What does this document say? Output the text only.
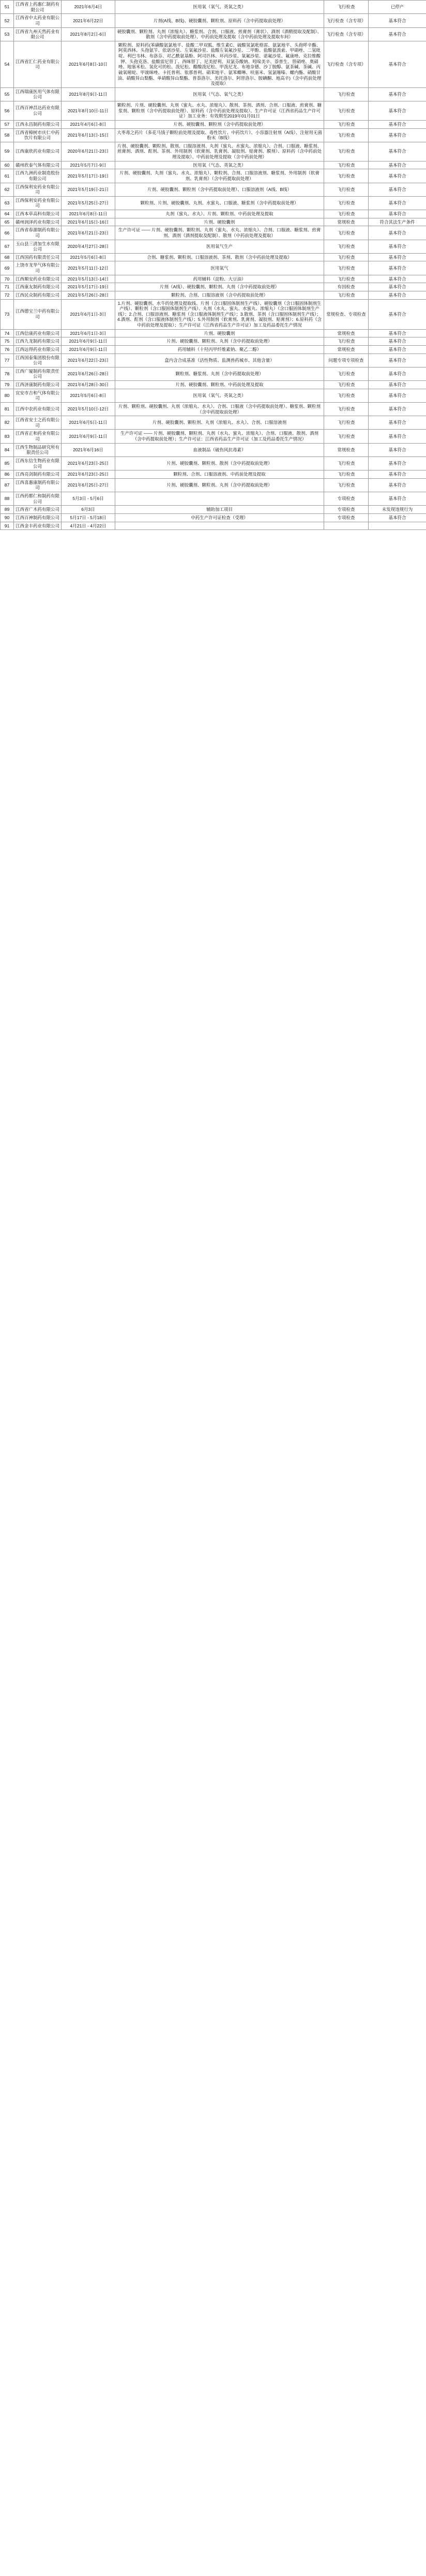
51	江西省上药惠仁制药有限公司	2021年6月4日	医用氧（氧气、英氧之类）	飞行检查	已停产
52	江西省中太药业有限公司	2021年6月22日	片剂(A线、B线)、硬胶囊剂、颗粒剂、原料药（含中药提取前处理）	飞行检查（含专项）	基本符合
53	江西省九州天然药业有限公司	2021年8月2日-6日	硬胶囊剂、颗粒剂、丸剂（浓缩丸）、糖浆剂、合剂、口服液、煎膏剂（膏状）、酒剂（酒精提取及配制）、散剂（含中药提取前处理）、中药前处理及提取（含中药前处理及提取车间）	飞行检查（含专项）	基本符合
54	江西省汇仁药业有限公司	2021年6月8日-10日	颗粒剂、原料药(苯磺酸氨氯地平、盐酸二甲双胍、维生素C、硫酸氢氯吡格雷、氨氯地平、头孢呼辛酯、阿莫西林、头孢氨苄、依诺沙星、左氧氟沙星、盐酸左氧氟沙星、二甲酚、盐酸氨溴索、甲硝唑、二氢吡啶、利巴韦林、布洛芬、对乙酰氨基酚、阿司匹林、环丙沙星、氧氟沙星、诺氟沙星、氟康唑、克拉维酸钾、头孢克洛、盐酸雷尼替丁、西咪替丁、尼美舒利、双氯芬酸钠、吲哚美辛、萘普生、替硝唑、奥硝唑、地塞米松、氢化可的松、泼尼松、醋酸泼尼松、甲泼尼龙、布地奈德、沙丁胺醇、氨茶碱、茶碱、丙硫氧嘧啶、甲巯咪唑、卡托普利、依那普利、硝苯地平、氨苯蝶啉、呋塞米、氢氯噻嗪、螺内酯、硝酸甘油、硝酸异山梨酯、单硝酸异山梨酯、普萘洛尔、美托洛尔、阿替洛尔、胺碘酮、地高辛)（含中药前处理及提取）	飞行检查（含专项）	基本符合
55	江西瑞康医用气体有限公司	2021年8月9日-11日	医用氧（气态、氧气之类）	飞行检查	基本符合
56	江西百神昌达药业有限公司	2021年8月10日-11日	颗粒剂、片剂、硬胶囊剂、丸剂（蜜丸、水丸、浓缩丸）、散剂、茶剂、酒剂、合剂、口服液、煎膏剂、糖浆剂、颗粒剂（含中药提取前处理）、原料药（含中药前处理及提取）、生产许可证（江西省药品生产许可证）加工业务：有效期至2019年01月01日	飞行检查	基本符合
57	江西永昌制药有限公司	2021年4月6日-8日	片剂、硬胶囊剂、颗粒剂（含中药提取前处理）	飞行检查	基本符合
58	江西省樟树市庆仁中药饮片有限公司	2021年6月13日-15日	大枣毒之药片（多花马钱子颗粒前处理及提取、毒性饮片、中药饮片）、小容器注射剂（A线）、注射用无菌粉末（B线）	飞行检查	基本符合
59	江西康欣药业有限公司	2020年6月21日-23日	片剂、硬胶囊剂、颗粒剂、散剂、口服溶液剂、丸剂（蜜丸、水蜜丸、浓缩丸）、合剂、口服液、糖浆剂、煎膏剂、酒剂、酊剂、茶剂、外用制剂（软膏剂、乳膏剂、凝胶剂、贴膏剂、膜剂）、原料药（含中药前处理及提取）、中药前处理及提取（含中药前处理）	飞行检查	基本符合
60	赣州欣泰气体有限公司	2021年5月7日-9日	医用氧（气态、英氧之类）	飞行检查	基本符合
61	江西九洲药业制造股份有限公司	2021年5月17日-19日	片剂、硬胶囊剂、丸剂（蜜丸、水丸、浓缩丸）、颗粒剂、合剂、口服溶液剂、糖浆剂、外用制剂（软膏剂、乳膏剂）（含中药提取前处理）	飞行检查	基本符合
62	江西保利安药业有限公司	2021年5月19日-21日	片剂、硬胶囊剂、颗粒剂（含中药提取前处理）、口服溶液剂（A线、B线）	飞行检查	基本符合
63	江西保利安药业有限公司	2021年5月25日-27日	颗粒剂、片剂、硬胶囊剂、丸剂、水蜜丸、口服液、糖浆剂（含中药提取前处理）	飞行检查	基本符合
64	江西本草高科有限公司	2021年6月8日-11日	丸剂（蜜丸、水丸）、片剂、颗粒剂、中药前处理及提取	飞行检查	基本符合
65	赣州润泽药业有限公司	2021年6月15日-16日	片剂、硬胶囊剂	常规检查	符合其法生产条件
66	江西省春源制药有限公司	2021年6月21日-23日	生产许可证 —— 片剂、硬胶囊剂、颗粒剂、丸剂（蜜丸、水丸、浓缩丸）、合剂、口服液、糖浆剂、煎膏剂、酒剂（酒剂提取及配制）、散剂（中药前处理及提取）	飞行检查	基本符合
67	玉山县三清加生水有限公司	2020年4月27日-28日	医用氧气生产	飞行检查	基本符合
68	江西国药有限责任公司	2021年5月6日-8日	合剂、糖浆剂、颗粒剂、口服溶液剂、茶剂、散剂（含中药前处理及提取）	飞行检查	基本符合
69	上饶市龙华气体有限公司	2021年5月11日-12日	医用氧气	飞行检查	基本符合
70	江西顺安药业有限公司	2021年5月13日-14日	药用辅料（淀粉、大豆油）	飞行检查	基本符合
71	江西康友制药有限公司	2021年5月17日-19日	片剂（A线）、硬胶囊剂、颗粒剂、丸剂（含中药提取前处理）	有因检查	基本符合
72	江西民众制药有限公司	2021年5月26日-28日	颗粒剂、合剂、口服溶液剂（含中药提取前处理）	飞行检查	基本符合
73	江西德宝兰中药有限公司	2021年6月1日-3日	1.片剂、硬胶囊剂、水牛的处理及提取线、片剂（含口服固体制剂生产线）、硬胶囊剂（含口服固体制剂生产线）、颗粒剂（含口服固体制剂生产线）、丸剂（水丸、蜜丸、水蜜丸、浓缩丸）（含口服固体制剂生产线）；2.合剂、口服溶液剂、糖浆剂（含口服液体制剂生产线）；3.散剂、茶剂（含口服固体制剂生产线）；4.酒剂、酊剂（含口服液体制剂生产线）；5.外用制剂（软膏剂、乳膏剂、凝胶剂、贴膏剂）；6.原料药（含中药前处理及提取）；生产许可证（江西省药品生产许可证）加工及药品委托生产情况	常规检查、专项检查	基本符合
74	江西信康药业有限公司	2021年6月1日-3日	片剂、硬胶囊剂	常规检查	基本符合
75	江西九龙制药有限公司	2021年6月9日-11日	片剂、硬胶囊剂、颗粒剂、丸剂（含中药提取前处理）	飞行检查	基本符合
76	江西远得药业有限公司	2021年6月9日-11日	药用辅料（十羟丙甲纤维素钠、聚乙二醇）	常规检查	基本符合
77	江西国泰集团股份有限公司	2021年6月22日-23日	盒内含合成基准（活性物质、监测兽药城市、其他含量）	问题专项专项检查	基本符合
78	江西广厦制药有限责任公司	2021年6月26日-28日	颗粒剂、糖浆剂、丸剂（含中药提取前处理）	飞行检查	基本符合
79	江西济康制药有限公司	2021年6月28日-30日	片剂、硬胶囊剂、颗粒剂、中药前处理及提取	飞行检查	基本符合
80	宜安市吉和气体有限公司	2021年5月6日-8日	医用氧（氧气、英氧之类）	飞行检查	基本符合
81	江西中农药业有限公司	2021年5月10日-12日	片剂、颗粒剂、硬胶囊剂、丸剂（浓缩丸、水丸）、合剂、口服液（含中药提取前处理）、糖浆剂、颗粒剂（含中药提取前处理）	飞行检查	基本符合
82	江西省安士之药有限公司	2021年6月5日-11日	片剂、硬胶囊剂、颗粒剂、丸剂（浓缩丸、水丸）、合剂、口服溶液剂	飞行检查	基本符合
83	江西省正和药业有限公司	2021年6月9日-11日	生产许可证 —— 片剂、硬胶囊剂、颗粒剂、丸剂（水丸、蜜丸、浓缩丸）、合剂、口服液、散剂、酒剂（含中药提取前处理）；生产许可证：江西省药品生产许可证（加工及药品委托生产情况）	飞行检查	基本符合
84	江西生物制品研究所有限责任公司	2021年6月16日	血液制品（破伤风抗毒素）	常规检查	基本符合
85	江西东信生物药业有限公司	2021年6月23日-25日	片剂、硬胶囊剂、颗粒剂、散剂（含中药提取前处理）	飞行检查	基本符合
86	江西亮剑制药有限公司	2021年6月23日-25日	颗粒剂、合剂、口服溶液剂、中药前处理及提取	飞行检查	基本符合
87	江西喜惠康制药有限公司	2021年6月25日-27日	片剂、硬胶囊剂、颗粒剂、丸剂（含中药提取前处理）	飞行检查	基本符合
88	江西药都仁和制药有限公司	5月3日 - 5月6日		专项检查	基本符合
89	江西省广木药有限公司	6月3日	辅助加工项目	专项检查	未发现违规行为
90	江西百神制药有限公司	5月17日 - 5月18日	中药生产许可证检查（受理）	专项检查	基本符合
91	江西金丰药业有限公司	4月21日 - 4月22日			
